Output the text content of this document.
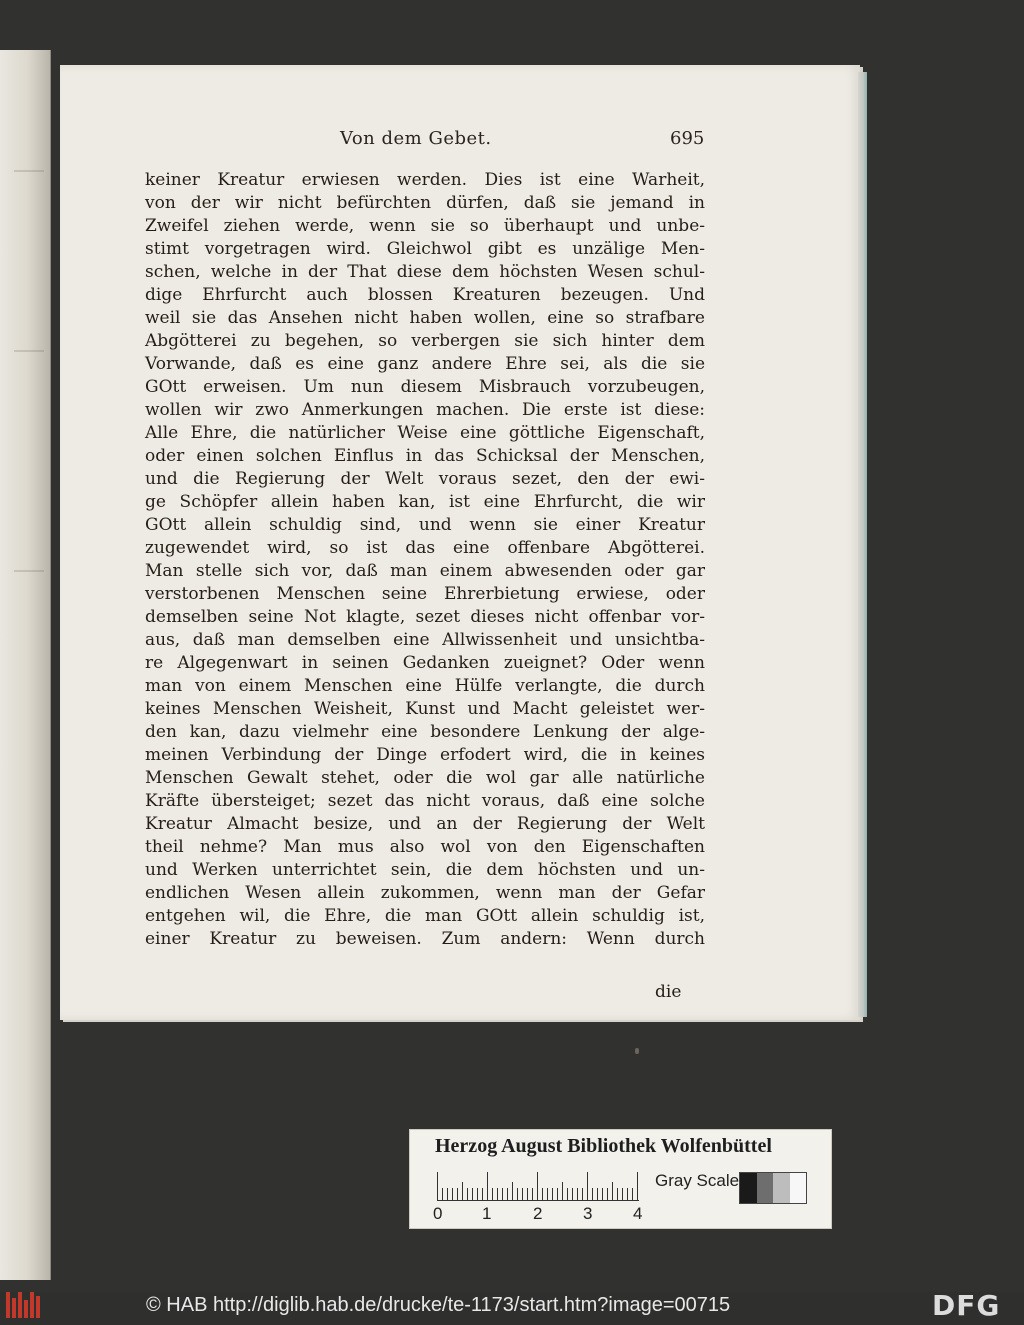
Von dem Gebet.	695
keiner Kreatur erwiesen werden. Dies ist eine Warheit,
von der wir nicht befürchten dürfen, daß sie jemand in
Zweifel ziehen werde, wenn sie so überhaupt und unbe-
stimt vorgetragen wird. Gleichwol gibt es unzälige Men-
schen, welche in der That diese dem höchsten Wesen schul-
dige Ehrfurcht auch blossen Kreaturen bezeugen. Und
weil sie das Ansehen nicht haben wollen, eine so strafbare
Abgötterei zu begehen, so verbergen sie sich hinter dem
Vorwande, daß es eine ganz andere Ehre sei, als die sie
GOtt erweisen. Um nun diesem Misbrauch vorzubeugen,
wollen wir zwo Anmerkungen machen. Die erste ist diese:
Alle Ehre, die natürlicher Weise eine göttliche Eigenschaft,
oder einen solchen Einflus in das Schicksal der Menschen,
und die Regierung der Welt voraus sezet, den der ewi-
ge Schöpfer allein haben kan, ist eine Ehrfurcht, die wir
GOtt allein schuldig sind, und wenn sie einer Kreatur
zugewendet wird, so ist das eine offenbare Abgötterei.
Man stelle sich vor, daß man einem abwesenden oder gar
verstorbenen Menschen seine Ehrerbietung erwiese, oder
demselben seine Not klagte, sezet dieses nicht offenbar vor-
aus, daß man demselben eine Allwissenheit und unsichtba-
re Algegenwart in seinen Gedanken zueignet? Oder wenn
man von einem Menschen eine Hülfe verlangte, die durch
keines Menschen Weisheit, Kunst und Macht geleistet wer-
den kan, dazu vielmehr eine besondere Lenkung der alge-
meinen Verbindung der Dinge erfodert wird, die in keines
Menschen Gewalt stehet, oder die wol gar alle natürliche
Kräfte übersteiget; sezet das nicht voraus, daß eine solche
Kreatur Almacht besize, und an der Regierung der Welt
theil nehme? Man mus also wol von den Eigenschaften
und Werken unterrichtet sein, die dem höchsten und un-
endlichen Wesen allein zukommen, wenn man der Gefar
entgehen wil, die Ehre, die man GOtt allein schuldig ist,
einer Kreatur zu beweisen. Zum andern: Wenn durch
die
Herzog August Bibliothek Wolfenbüttel
0 1 2 3 4
Gray Scale
© HAB http://diglib.hab.de/drucke/te-1173/start.htm?image=00715	DFG
